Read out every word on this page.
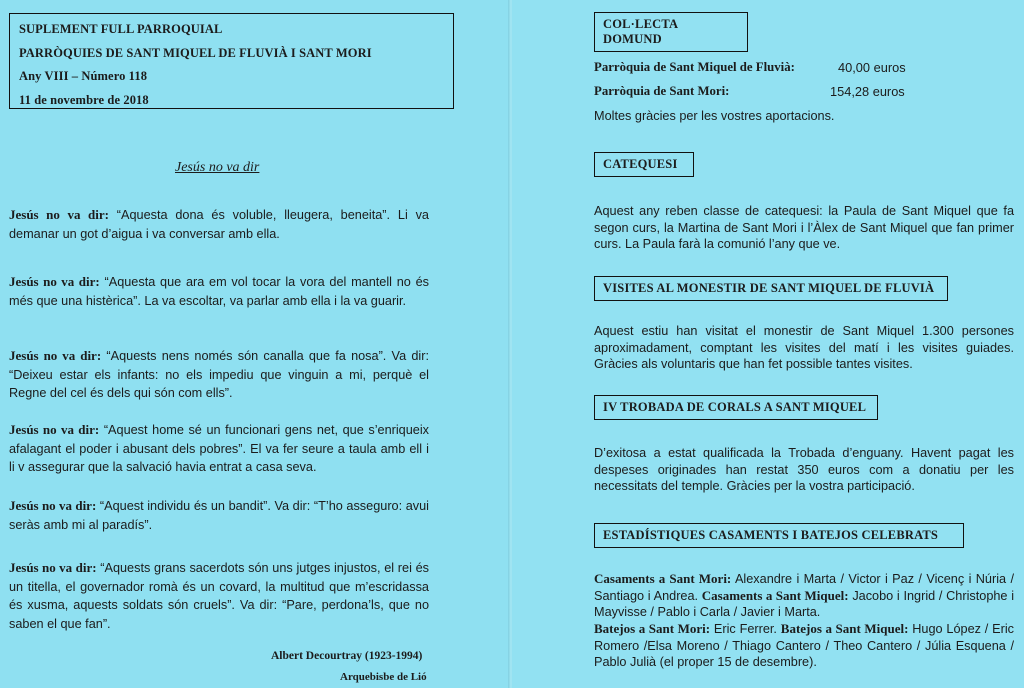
SUPLEMENT FULL PARROQUIAL
PARRÒQUIES DE SANT MIQUEL DE FLUVIÀ I SANT MORI
Any VIII – Número 118
11 de novembre de 2018
Jesús no va dir
Jesús no va dir: “Aquesta dona és voluble, lleugera, beneita”. Li va demanar un got d’aigua i va conversar amb ella.
Jesús no va dir: “Aquesta que ara em vol tocar la vora del mantell no és més que una histèrica”. La va escoltar, va parlar amb ella i la va guarir.
Jesús no va dir: “Aquests nens només són canalla que fa nosa”. Va dir: “Deixeu estar els infants: no els impediu que vinguin a mi, perquè el Regne del cel és dels qui són com ells”.
Jesús no va dir: “Aquest home sé un funcionari gens net, que s’enriqueix afalagant el poder i abusant dels pobres”. El va fer seure a taula amb ell i li v assegurar que la salvació havia entrat a casa seva.
Jesús no va dir: “Aquest individu és un bandit”. Va dir: “T’ho asseguro: avui seràs amb mi al paradís”.
Jesús no va dir: “Aquests grans sacerdots són uns jutges injustos, el rei és un titella, el governador romà és un covard, la multitud que m’escridassa és xusma, aquests soldats són cruels”. Va dir: “Pare, perdona’ls, que no saben el que fan”.
Albert Decourtray (1923-1994)
Arquebisbe de Lió
COL·LECTA DOMUND
Parròquia de Sant Miquel de Fluvià:	40,00 euros
Parròquia de Sant Mori:	154,28 euros
Moltes gràcies per les vostres aportacions.
CATEQUESI
Aquest any reben classe de catequesi: la Paula de Sant Miquel que fa segon curs, la Martina de Sant Mori i l’Àlex de Sant Miquel que fan primer curs. La Paula farà la comunió l’any que ve.
VISITES AL MONESTIR DE SANT MIQUEL DE FLUVIÀ
Aquest estiu han visitat el monestir de Sant Miquel 1.300 persones aproximadament, comptant les visites del matí i les visites guiades. Gràcies als voluntaris que han fet possible tantes visites.
IV TROBADA DE CORALS A SANT MIQUEL
D’exitosa a estat qualificada la Trobada d’enguany. Havent pagat les despeses originades han restat 350 euros com a donatiu per les necessitats del temple. Gràcies per la vostra participació.
ESTADÍSTIQUES CASAMENTS I BATEJOS CELEBRATS
Casaments a Sant Mori: Alexandre i Marta / Victor i Paz / Vicenç i Núria / Santiago i Andrea. Casaments a Sant Miquel: Jacobo i Ingrid / Christophe i Mayvisse / Pablo i Carla / Javier i Marta.
Batejos a Sant Mori: Eric Ferrer. Batejos a Sant Miquel: Hugo López / Eric Romero /Elsa Moreno / Thiago Cantero / Theo Cantero / Júlia Esquena / Pablo Julià (el proper 15 de desembre).
